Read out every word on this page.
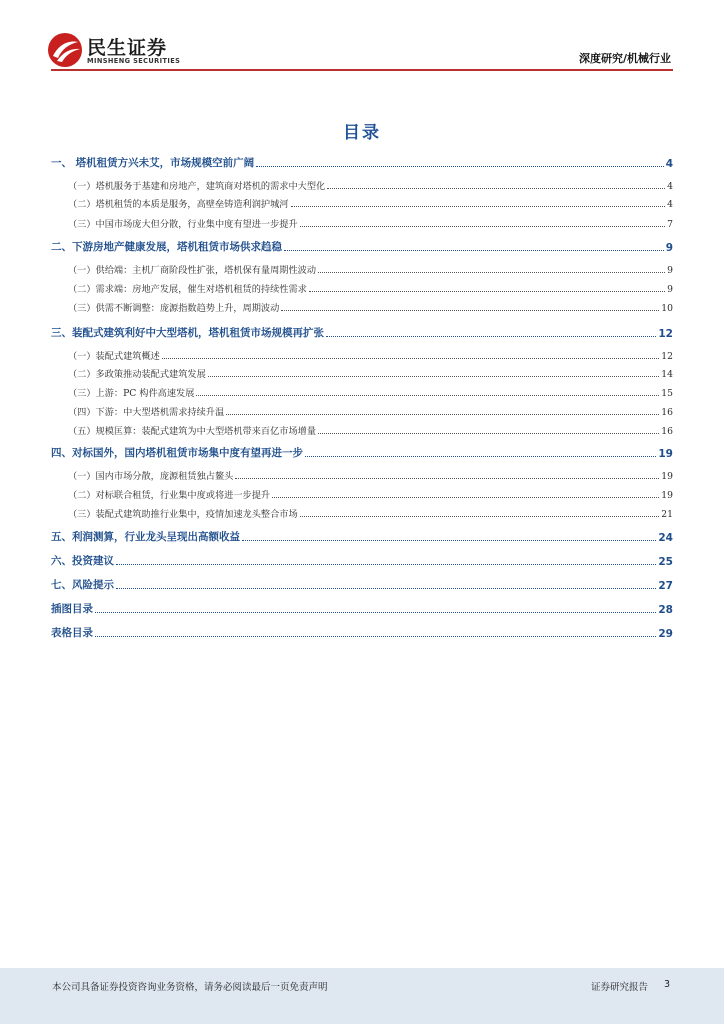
民生证券
MINSHENG SECURITIES	深度研究/机械行业
目录
一、 塔机租赁方兴未艾，市场规模空前广阔	4
（一）塔机服务于基建和房地产，建筑商对塔机的需求中大型化	4
（二）塔机租赁的本质是服务，高壁垒铸造利润护城河	4
（三）中国市场庞大但分散，行业集中度有望进一步提升	7
二、下游房地产健康发展，塔机租赁市场供求趋稳	9
（一）供给端：主机厂商阶段性扩张，塔机保有量周期性波动	9
（二）需求端：房地产发展，催生对塔机租赁的持续性需求	9
（三）供需不断调整：庞源指数趋势上升，周期波动	10
三、装配式建筑利好中大型塔机，塔机租赁市场规模再扩张	12
（一）装配式建筑概述	12
（二）多政策推动装配式建筑发展	14
（三）上游：PC 构件高速发展	15
（四）下游：中大型塔机需求持续升温	16
（五）规模匡算：装配式建筑为中大型塔机带来百亿市场增量	16
四、对标国外，国内塔机租赁市场集中度有望再进一步	19
（一）国内市场分散，庞源租赁独占鳌头	19
（二）对标联合租赁，行业集中度或将进一步提升	19
（三）装配式建筑助推行业集中，疫情加速龙头整合市场	21
五、利润测算，行业龙头呈现出高额收益	24
六、投资建议	25
七、风险提示	27
插图目录	28
表格目录	29
本公司具备证券投资咨询业务资格，请务必阅读最后一页免责声明	证券研究报告 3
